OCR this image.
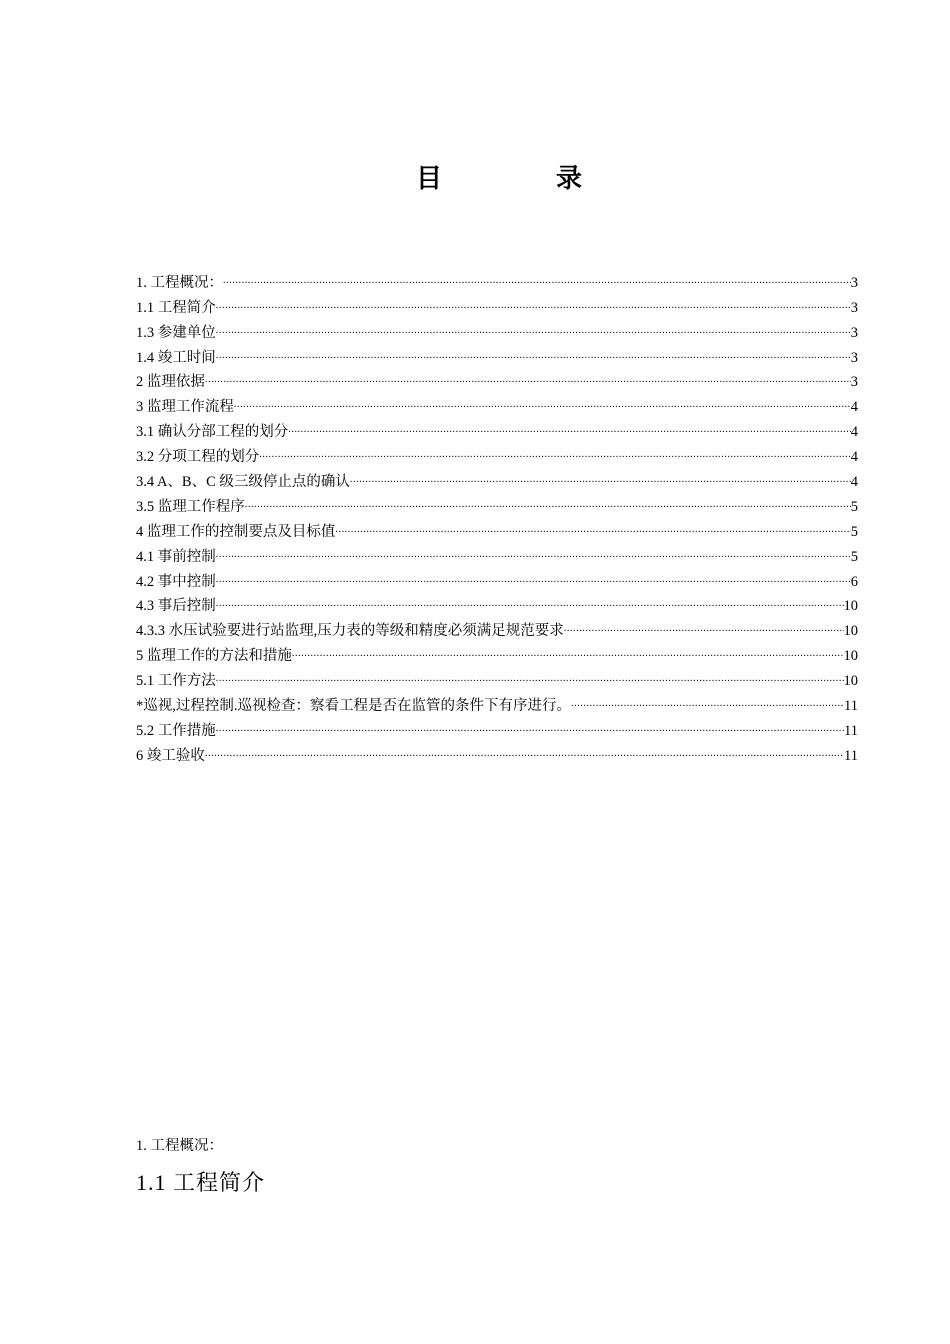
目	录
1. 工程概况： .....	3
1.1 工程简介 .....	3
1.3 参建单位 .....	3
1.4 竣工时间 .....	3
2 监理依据 .....	3
3 监理工作流程 .....	4
3.1 确认分部工程的划分 .....	4
3.2 分项工程的划分 .....	4
3.4 A、B、C 级三级停止点的确认 .....	4
3.5 监理工作程序 .....	5
4 监理工作的控制要点及目标值 .....	5
4.1 事前控制 .....	5
4.2 事中控制 .....	6
4.3 事后控制 .....	10
4.3.3 水压试验要进行站监理,压力表的等级和精度必须满足规范要求 .....	10
5 监理工作的方法和措施 .....	10
5.1 工作方法 .....	10
*巡视,过程控制.巡视检查：察看工程是否在监管的条件下有序进行。 .....	11
5.2 工作措施 .....	11
6 竣工验收 .....	11
1. 工程概况：
1.1 工程简介
